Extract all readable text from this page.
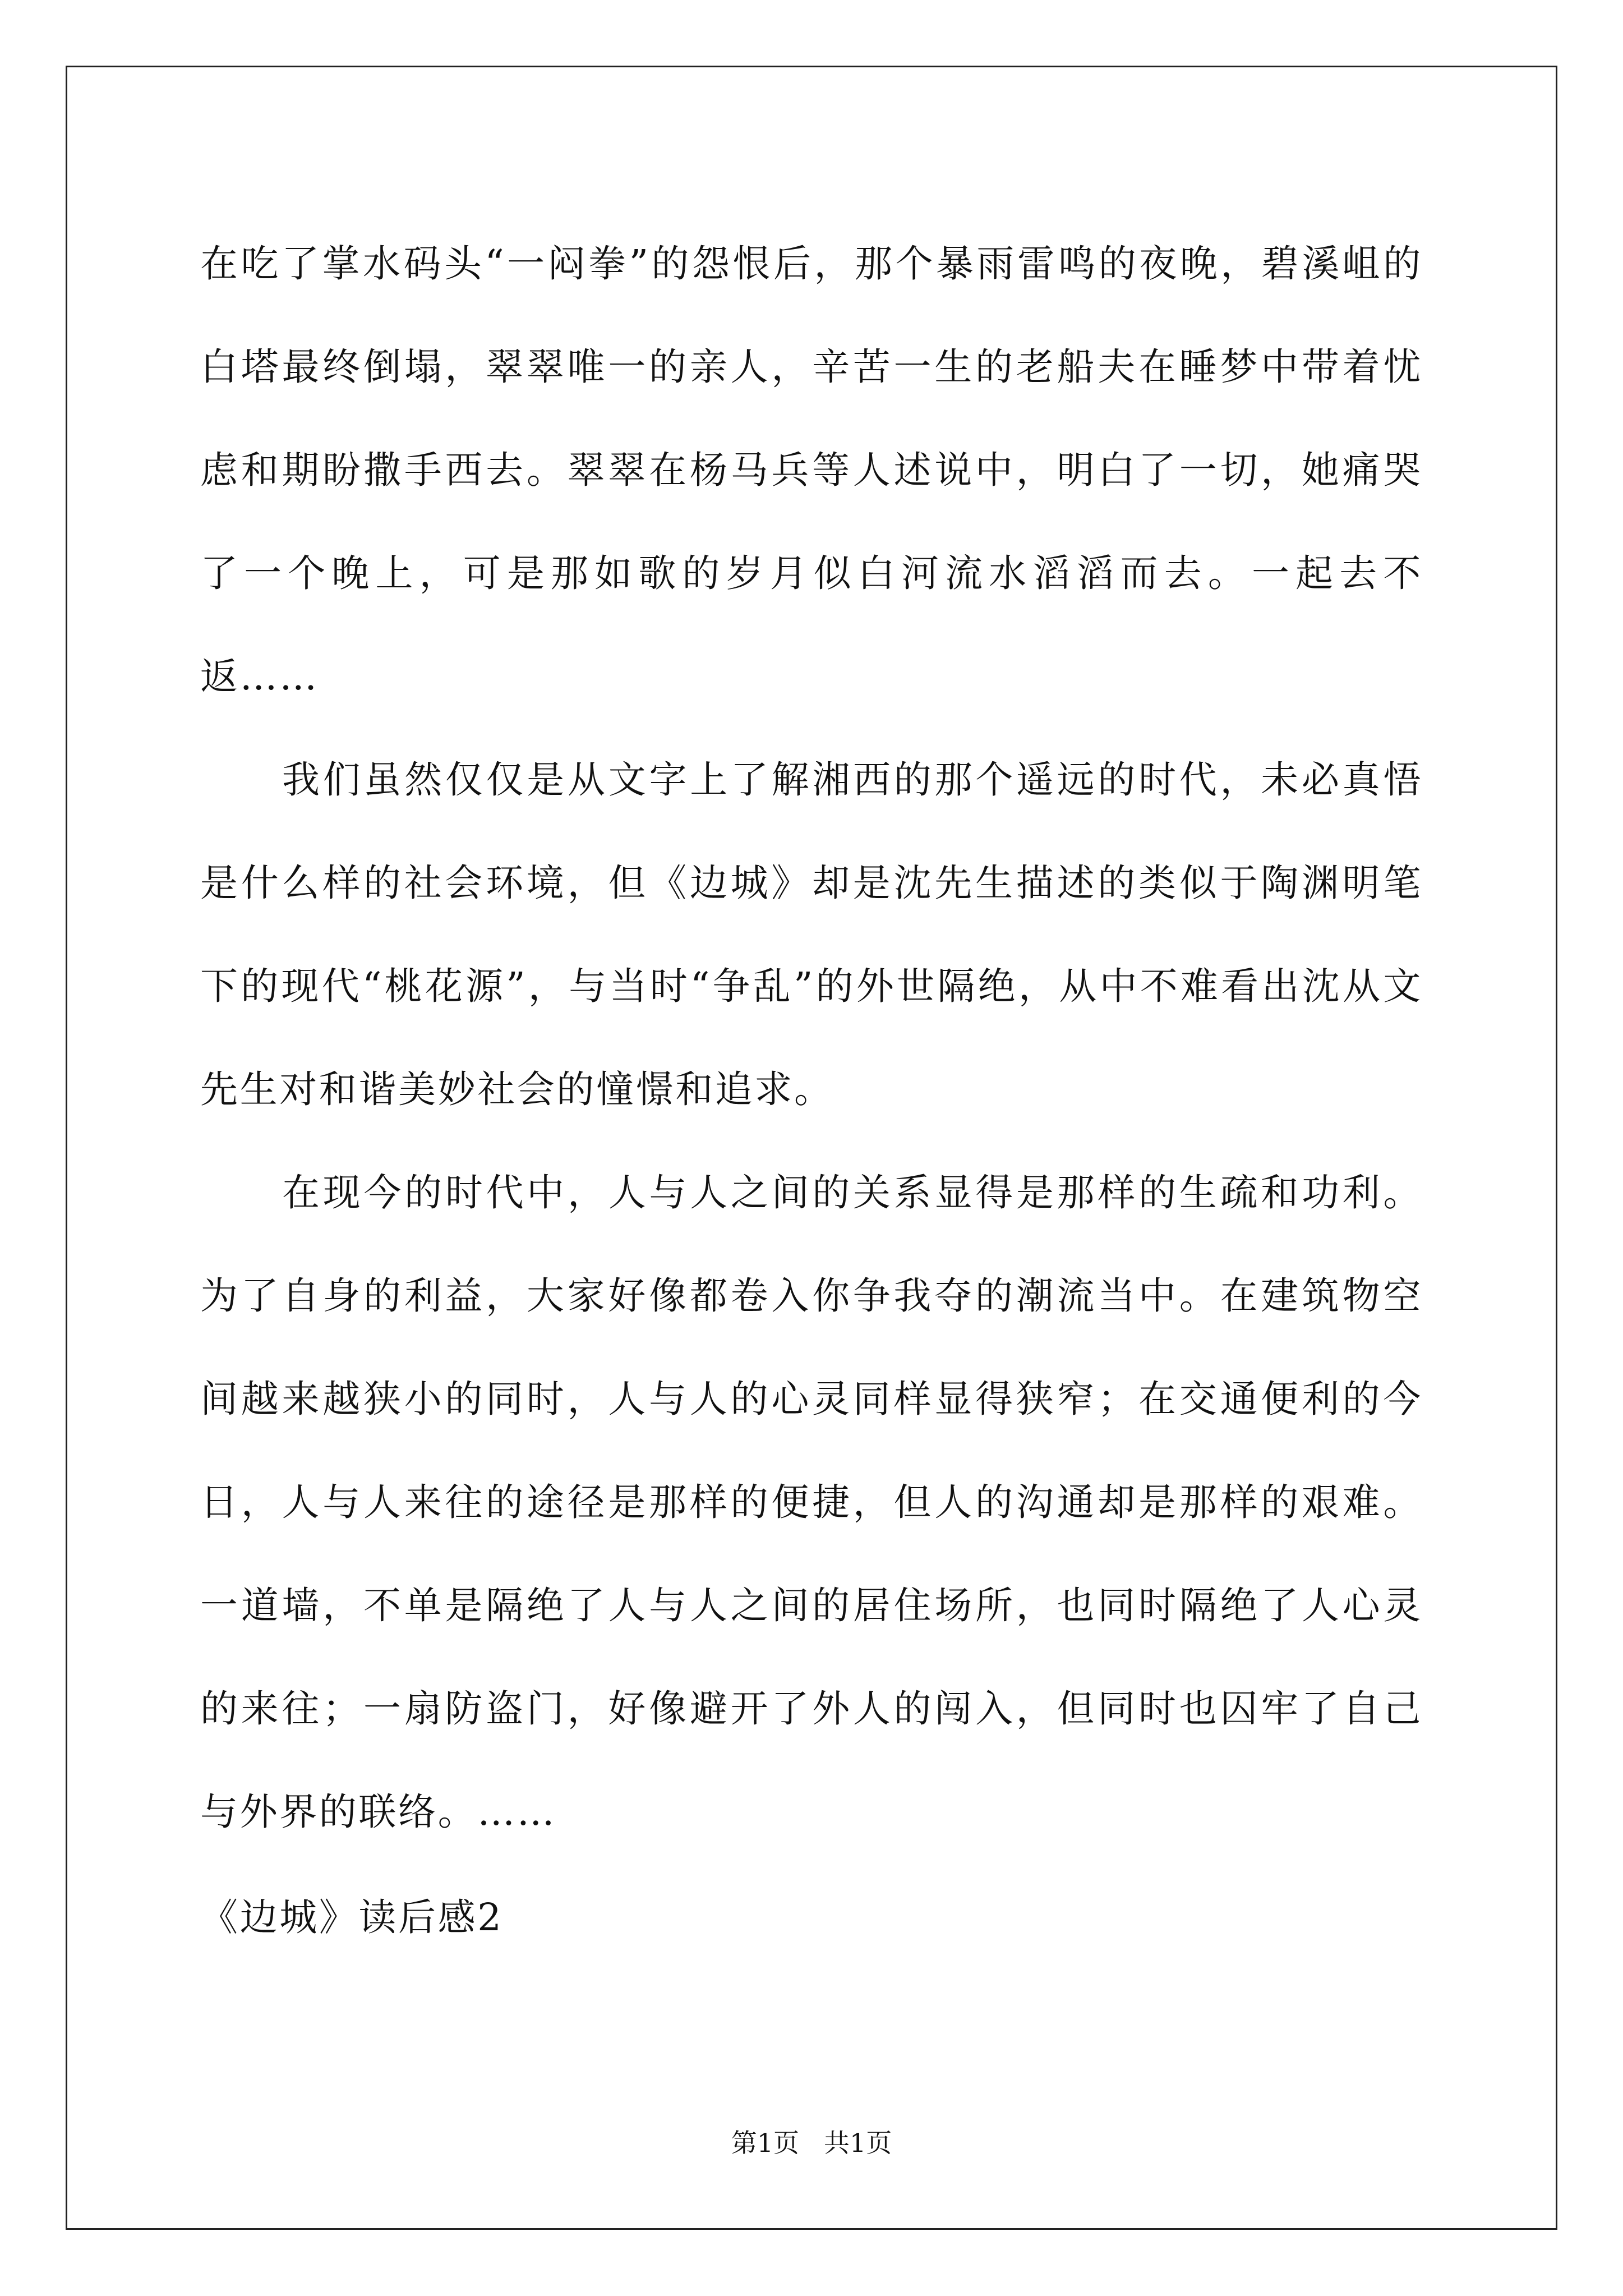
在吃了掌水码头“一闷拳”的怨恨后，那个暴雨雷鸣的夜晚，碧溪岨的白塔最终倒塌，翠翠唯一的亲人，辛苦一生的老船夫在睡梦中带着忧虑和期盼撒手西去。翠翠在杨马兵等人述说中，明白了一切，她痛哭了一个晚上，可是那如歌的岁月似白河流水滔滔而去。一起去不返……

我们虽然仅仅是从文字上了解湘西的那个遥远的时代，未必真悟是什么样的社会环境，但《边城》却是沈先生描述的类似于陶渊明笔下的现代“桃花源”，与当时“争乱”的外世隔绝，从中不难看出沈从文先生对和谐美妙社会的憧憬和追求。

在现今的时代中，人与人之间的关系显得是那样的生疏和功利。为了自身的利益，大家好像都卷入你争我夺的潮流当中。在建筑物空间越来越狭小的同时，人与人的心灵同样显得狭窄；在交通便利的今日，人与人来往的途径是那样的便捷，但人的沟通却是那样的艰难。一道墙，不单是隔绝了人与人之间的居住场所，也同时隔绝了人心灵的来往；一扇防盗门，好像避开了外人的闯入，但同时也囚牢了自己与外界的联络。……

《边城》读后感2

第1页 共1页
